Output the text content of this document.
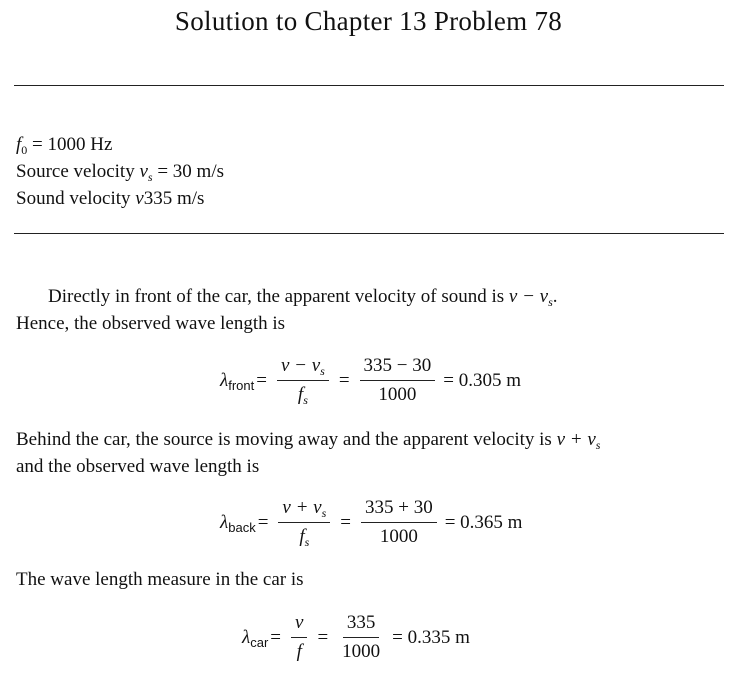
Solution to Chapter 13 Problem 78
$f_0 = 1000$ Hz
Source velocity $\nu_s = 30$ m/s
Sound velocity ν335 m/s
Directly in front of the car, the apparent velocity of sound is $\nu - \nu_s$.
Hence, the observed wave length is
$\lambda_{front} = \frac{\nu - \nu_s}{f_s} = \frac{335 - 30}{1000} = 0.305$ m
Behind the car, the source is moving away and the apparent velocity is $\nu + \nu_s$
and the observed wave length is
$\lambda_{back} = \frac{\nu + \nu_s}{f_s} = \frac{335 + 30}{1000} = 0.365$ m
The wave length measure in the car is
$\lambda_{car} = \frac{\nu}{f} = \frac{335}{1000} = 0.335$ m
